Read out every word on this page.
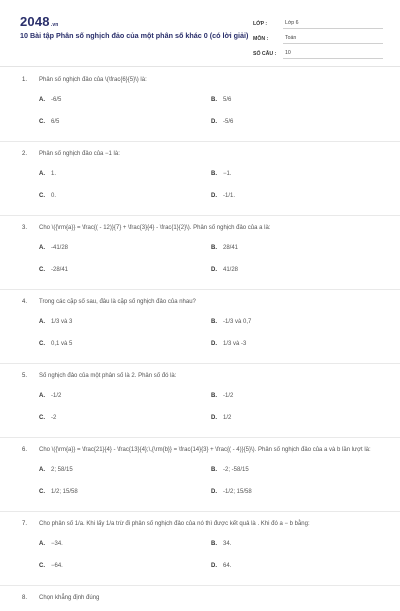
2048.vn
10 Bài tập Phân số nghịch đảo của một phân số khác 0 (có lời giải)
LỚP :	Lớp 6
MÔN :	Toán
SỐ CÂU :	10
1.	Phân số nghịch đảo của \(\frac{6}{5}\) là:
A.	-6/5	B.	5/6
C.	6/5	D.	-5/6
2.	Phân số nghịch đảo của −1 là:
A.	1.	B.	−1.
C.	0.	D.	-1/1.
3.	Cho \({\rm{a}} = \frac{( - 12)}{7} + \frac{3}{4} - \frac{1}{2}\). Phân số nghịch đảo của a là:
A.	-41/28	B.	28/41
C.	-28/41	D.	41/28
4.	Trong các cặp số sau, đâu là cặp số nghịch đảo của nhau?
A.	1/3 và 3	B.	-1/3 và 0,7
C.	0,1 và 5	D.	1/3 và -3
5.	Số nghịch đảo của một phân số là 2. Phân số đó là:
A.	-1/2	B.	-1/2
C.	-2	D.	1/2
6.	Cho \({\rm{a}} = \frac{21}{4} - \frac{13}{4};\,{\rm{b}} = \frac{14}{3} + \frac{( - 4)}{5}\). Phân số nghịch đảo của a và b lần lượt là:
A.	2; 58/15	B.	-2; -58/15
C.	1/2; 15/58	D.	-1/2; 15/58
7.	Cho phân số 1/a. Khi lấy 1/a trừ đi phân số nghịch đảo của nó thì được kết quả là . Khi đó a − b bằng:
A.	−34.	B.	34.
C.	−64.	D.	64.
8.	Chọn khẳng định đúng
